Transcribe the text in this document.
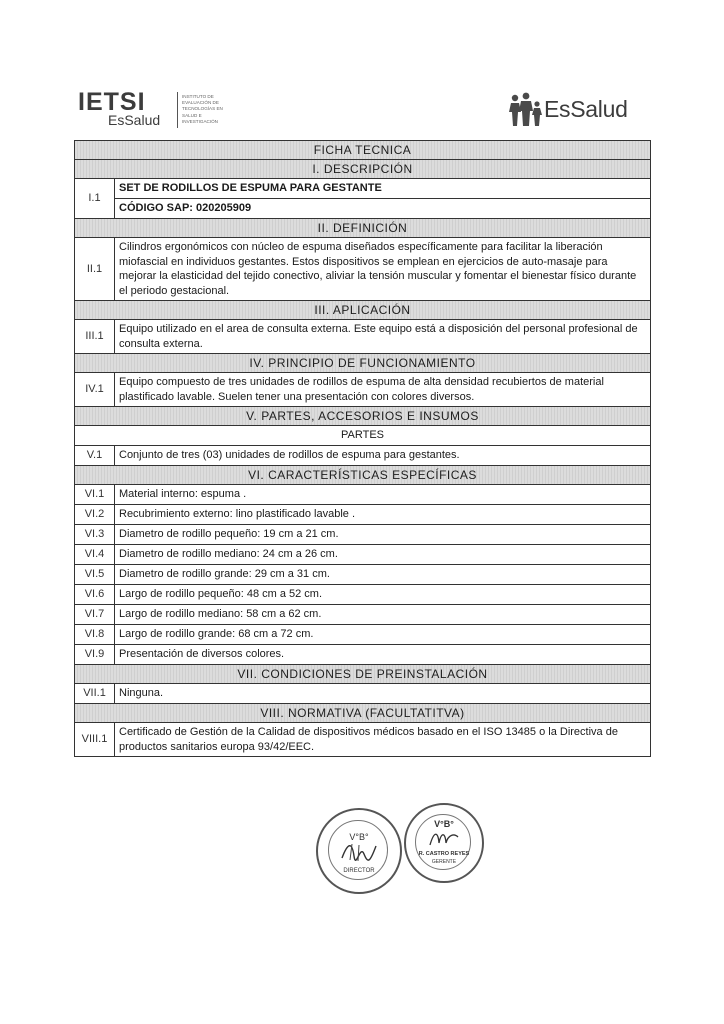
IETSI
EsSalud
INSTITUTO DE
EVALUACIÓN DE
TECNOLOGÍAS EN
SALUD E
INVESTIGACIÓN	EsSalud
FICHA TECNICA	
I. DESCRIPCIÓN	
I.1	SET DE RODILLOS DE ESPUMA PARA GESTANTE
	CÓDIGO SAP: 020205909
II. DEFINICIÓN	
II.1	Cilindros ergonómicos con núcleo de espuma diseñados específicamente para facilitar la liberación miofascial en individuos gestantes. Estos dispositivos se emplean en ejercicios de auto-masaje para mejorar la elasticidad del tejido conectivo, aliviar la tensión muscular y fomentar el bienestar físico durante el periodo gestacional.
III. APLICACIÓN	
III.1	Equipo utilizado en el area de consulta externa. Este equipo está a disposición del personal profesional de consulta externa.
IV. PRINCIPIO DE FUNCIONAMIENTO	
IV.1	Equipo compuesto de tres unidades de rodillos de espuma de alta densidad recubiertos de material plastificado lavable. Suelen tener una presentación con colores diversos.
V. PARTES, ACCESORIOS E INSUMOS	
PARTES	
V.1	Conjunto de tres (03) unidades de rodillos de espuma para gestantes.
VI. CARACTERÍSTICAS ESPECÍFICAS	
VI.1	Material interno: espuma .
VI.2	Recubrimiento externo: lino plastificado lavable .
VI.3	Diametro de rodillo pequeño: 19 cm a 21 cm.
VI.4	Diametro de rodillo mediano: 24 cm a 26 cm.
VI.5	Diametro de rodillo grande: 29 cm a 31 cm.
VI.6	Largo de rodillo pequeño: 48 cm a 52 cm.
VI.7	Largo de rodillo mediano: 58 cm a 62 cm.
VI.8	Largo de rodillo grande: 68 cm a 72 cm.
VI.9	Presentación de diversos colores.
VII. CONDICIONES DE PREINSTALACIÓN	
VII.1	Ninguna.
VIII. NORMATIVA (FACULTATITVA)	
VIII.1	Certificado de Gestión de la Calidad de dispositivos médicos basado en el ISO 13485 o la Directiva de productos sanitarios europa 93/42/EEC.
V°B°
DIRECTOR
V°B°
R. CASTRO REYES
GERENTE
